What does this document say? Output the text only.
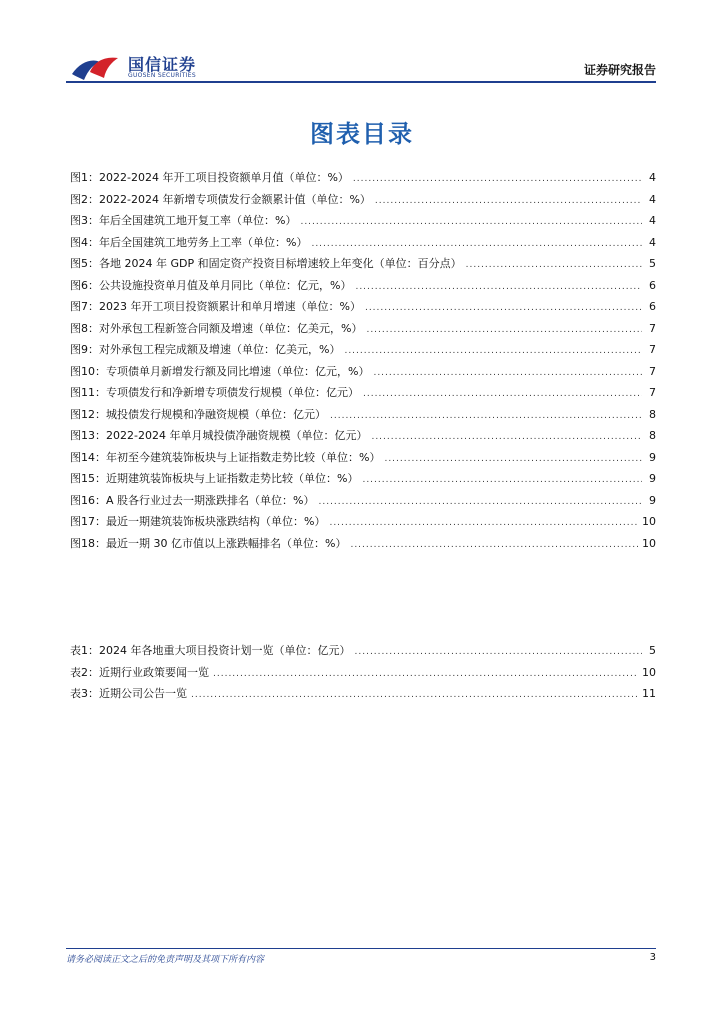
国信证券
GUOSEN SECURITIES	证券研究报告
图表目录
图1： 2022-2024 年开工项目投资额单月值（单位：%） .....	4
图2： 2022-2024 年新增专项债发行金额累计值（单位：%） .....	4
图3： 年后全国建筑工地开复工率（单位：%） .....	4
图4： 年后全国建筑工地劳务上工率（单位：%） .....	4
图5： 各地 2024 年 GDP 和固定资产投资目标增速较上年变化（单位：百分点） .....	5
图6： 公共设施投资单月值及单月同比（单位：亿元，%） .....	6
图7： 2023 年开工项目投资额累计和单月增速（单位：%） .....	6
图8： 对外承包工程新签合同额及增速（单位：亿美元，%） .....	7
图9： 对外承包工程完成额及增速（单位：亿美元，%） .....	7
图10： 专项债单月新增发行额及同比增速（单位：亿元，%） .....	7
图11： 专项债发行和净新增专项债发行规模（单位：亿元） .....	7
图12： 城投债发行规模和净融资规模（单位：亿元） .....	8
图13： 2022-2024 年单月城投债净融资规模（单位：亿元） .....	8
图14： 年初至今建筑装饰板块与上证指数走势比较（单位：%） .....	9
图15： 近期建筑装饰板块与上证指数走势比较（单位：%） .....	9
图16： A 股各行业过去一期涨跌排名（单位：%） .....	9
图17： 最近一期建筑装饰板块涨跌结构（单位：%） .....	10
图18： 最近一期 30 亿市值以上涨跌幅排名（单位：%） .....	10
表1： 2024 年各地重大项目投资计划一览（单位：亿元） .....	5
表2： 近期行业政策要闻一览 .....	10
表3： 近期公司公告一览 .....	11
请务必阅读正文之后的免责声明及其项下所有内容	3
